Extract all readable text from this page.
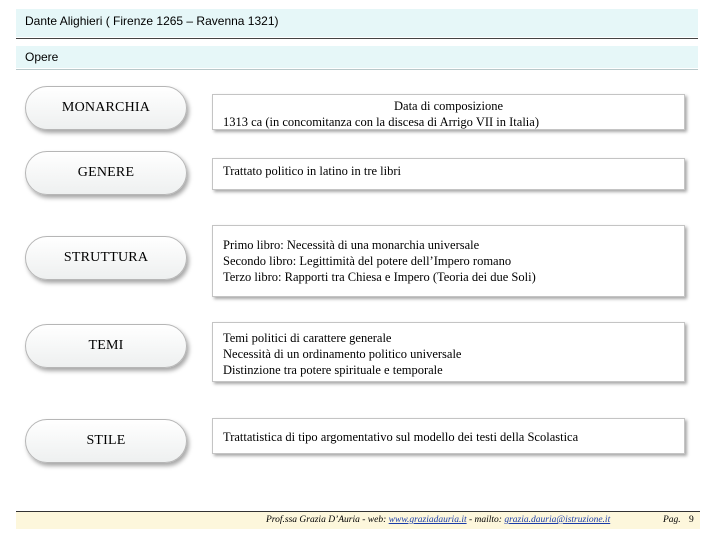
Dante Alighieri ( Firenze 1265 – Ravenna 1321)
Opere
MONARCHIA	Data di composizione
1313 ca (in concomitanza con la discesa di Arrigo VII in Italia)
GENERE	Trattato politico in latino in tre libri
STRUTTURA
Primo libro: Necessità di una monarchia universale
Secondo libro: Legittimità del potere dell’Impero romano
Terzo libro: Rapporti tra Chiesa e Impero (Teoria dei due Soli)
TEMI	Temi politici di carattere generale
Necessità di un ordinamento politico universale
Distinzione tra potere spirituale e temporale
STILE	Trattatistica di tipo argomentativo sul modello dei testi della Scolastica
Prof.ssa Grazia D’Auria - web: www.graziadauria.it - mailto: grazia.dauria@istruzione.it	Pag. 9
